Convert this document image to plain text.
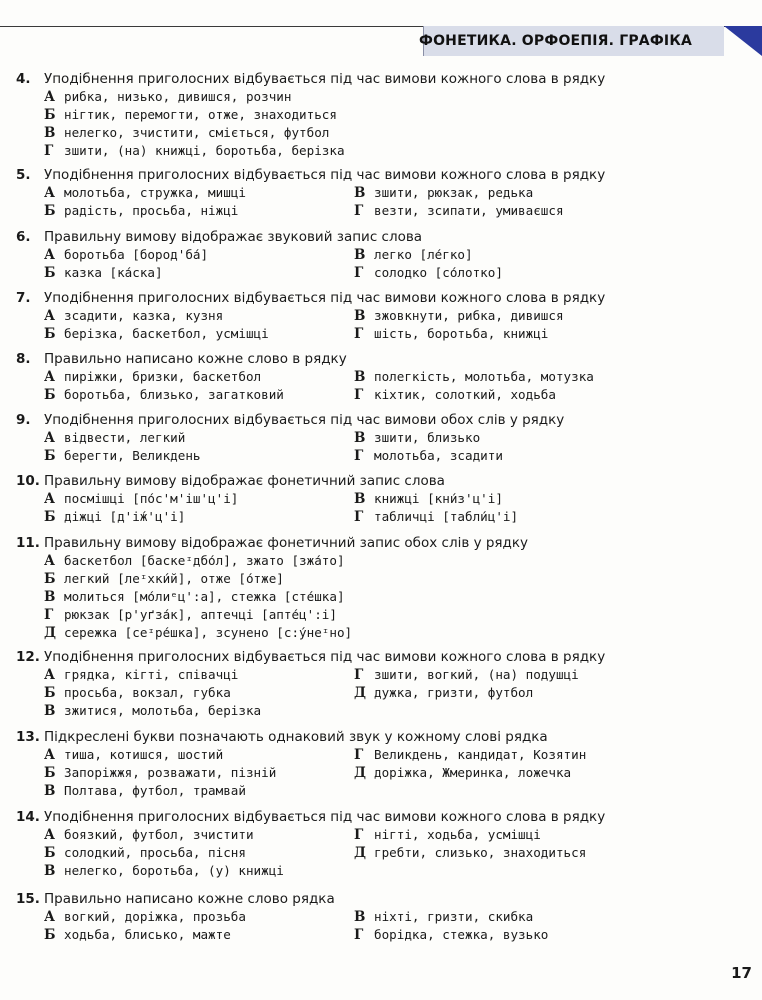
ФОНЕТИКА. ОРФОЕПІЯ. ГРАФІКА
4. Уподібнення приголосних відбувається під час вимови кожного слова в рядку
А рибка, низько, дивишся, розчин
Б нігтик, перемогти, отже, знаходиться
В нелегко, зчистити, сміється, футбол
Г зшити, (на) книжці, боротьба, берізка
5. Уподібнення приголосних відбувається під час вимови кожного слова в рядку
А молотьба, стружка, мишці
Б радість, просьба, ніжці
В зшити, рюкзак, редька
Г везти, зсипати, умиваєшся
6. Правильну вимову відображає звуковий запис слова
А боротьба [бород'ба́]
Б казка [ка́ска]
В легко [ле́гко]
Г солодко [со́лотко]
7. Уподібнення приголосних відбувається під час вимови кожного слова в рядку
А зсадити, казка, кузня
Б берізка, баскетбол, усмішці
В зжовкнути, рибка, дивишся
Г шість, боротьба, книжці
8. Правильно написано кожне слово в рядку
А пиріжки, бризки, баскетбол
Б боротьба, близько, загатковий
В полегкість, молотьба, мотузка
Г кіхтик, солоткий, ходьба
9. Уподібнення приголосних відбувається під час вимови обох слів у рядку
А відвести, легкий
Б берегти, Великдень
В зшити, близько
Г молотьба, зсадити
10. Правильну вимову відображає фонетичний запис слова
А посмішці [по́с'м'іш'ц'і]
Б діжці [д'і́ж'ц'і]
В книжці [кни́з'ц'і]
Г табличці [табли́ц'і]
11. Правильну вимову відображає фонетичний запис обох слів у рядку
А баскетбол [баскеᶦдбо́л], зжато [зжа́то]
Б легкий [леᶦхки́й], отже [о́тже]
В молиться [мо́лиᵉц':а], стежка [сте́шка]
Г рюкзак [р'уґза́к], аптечці [апте́ц':і]
Д сережка [сеᶦре́шка], зсунено [с:у́неᶦно]
12. Уподібнення приголосних відбувається під час вимови кожного слова в рядку
А грядка, кігті, співачці
Б просьба, вокзал, губка
В зжитися, молотьба, берізка
Г зшити, вогкий, (на) подушці
Д дужка, гризти, футбол
13. Підкреслені букви позначають однаковий звук у кожному слові рядка
А тиша, котишся, шостий
Б Запоріжжя, розважати, пізній
В Полтава, футбол, трамвай
Г Великдень, кандидат, Козятин
Д доріжка, Жмеринка, ложечка
14. Уподібнення приголосних відбувається під час вимови кожного слова в рядку
А боязкий, футбол, зчистити
Б солодкий, просьба, пісня
В нелегко, боротьба, (у) книжці
Г нігті, ходьба, усмішці
Д гребти, слизько, знаходиться
15. Правильно написано кожне слово рядка
А вогкий, доріжка, прозьба
Б ходьба, блисько, мажте
В ніхті, гризти, скибка
Г борідка, стежка, вузько
17
